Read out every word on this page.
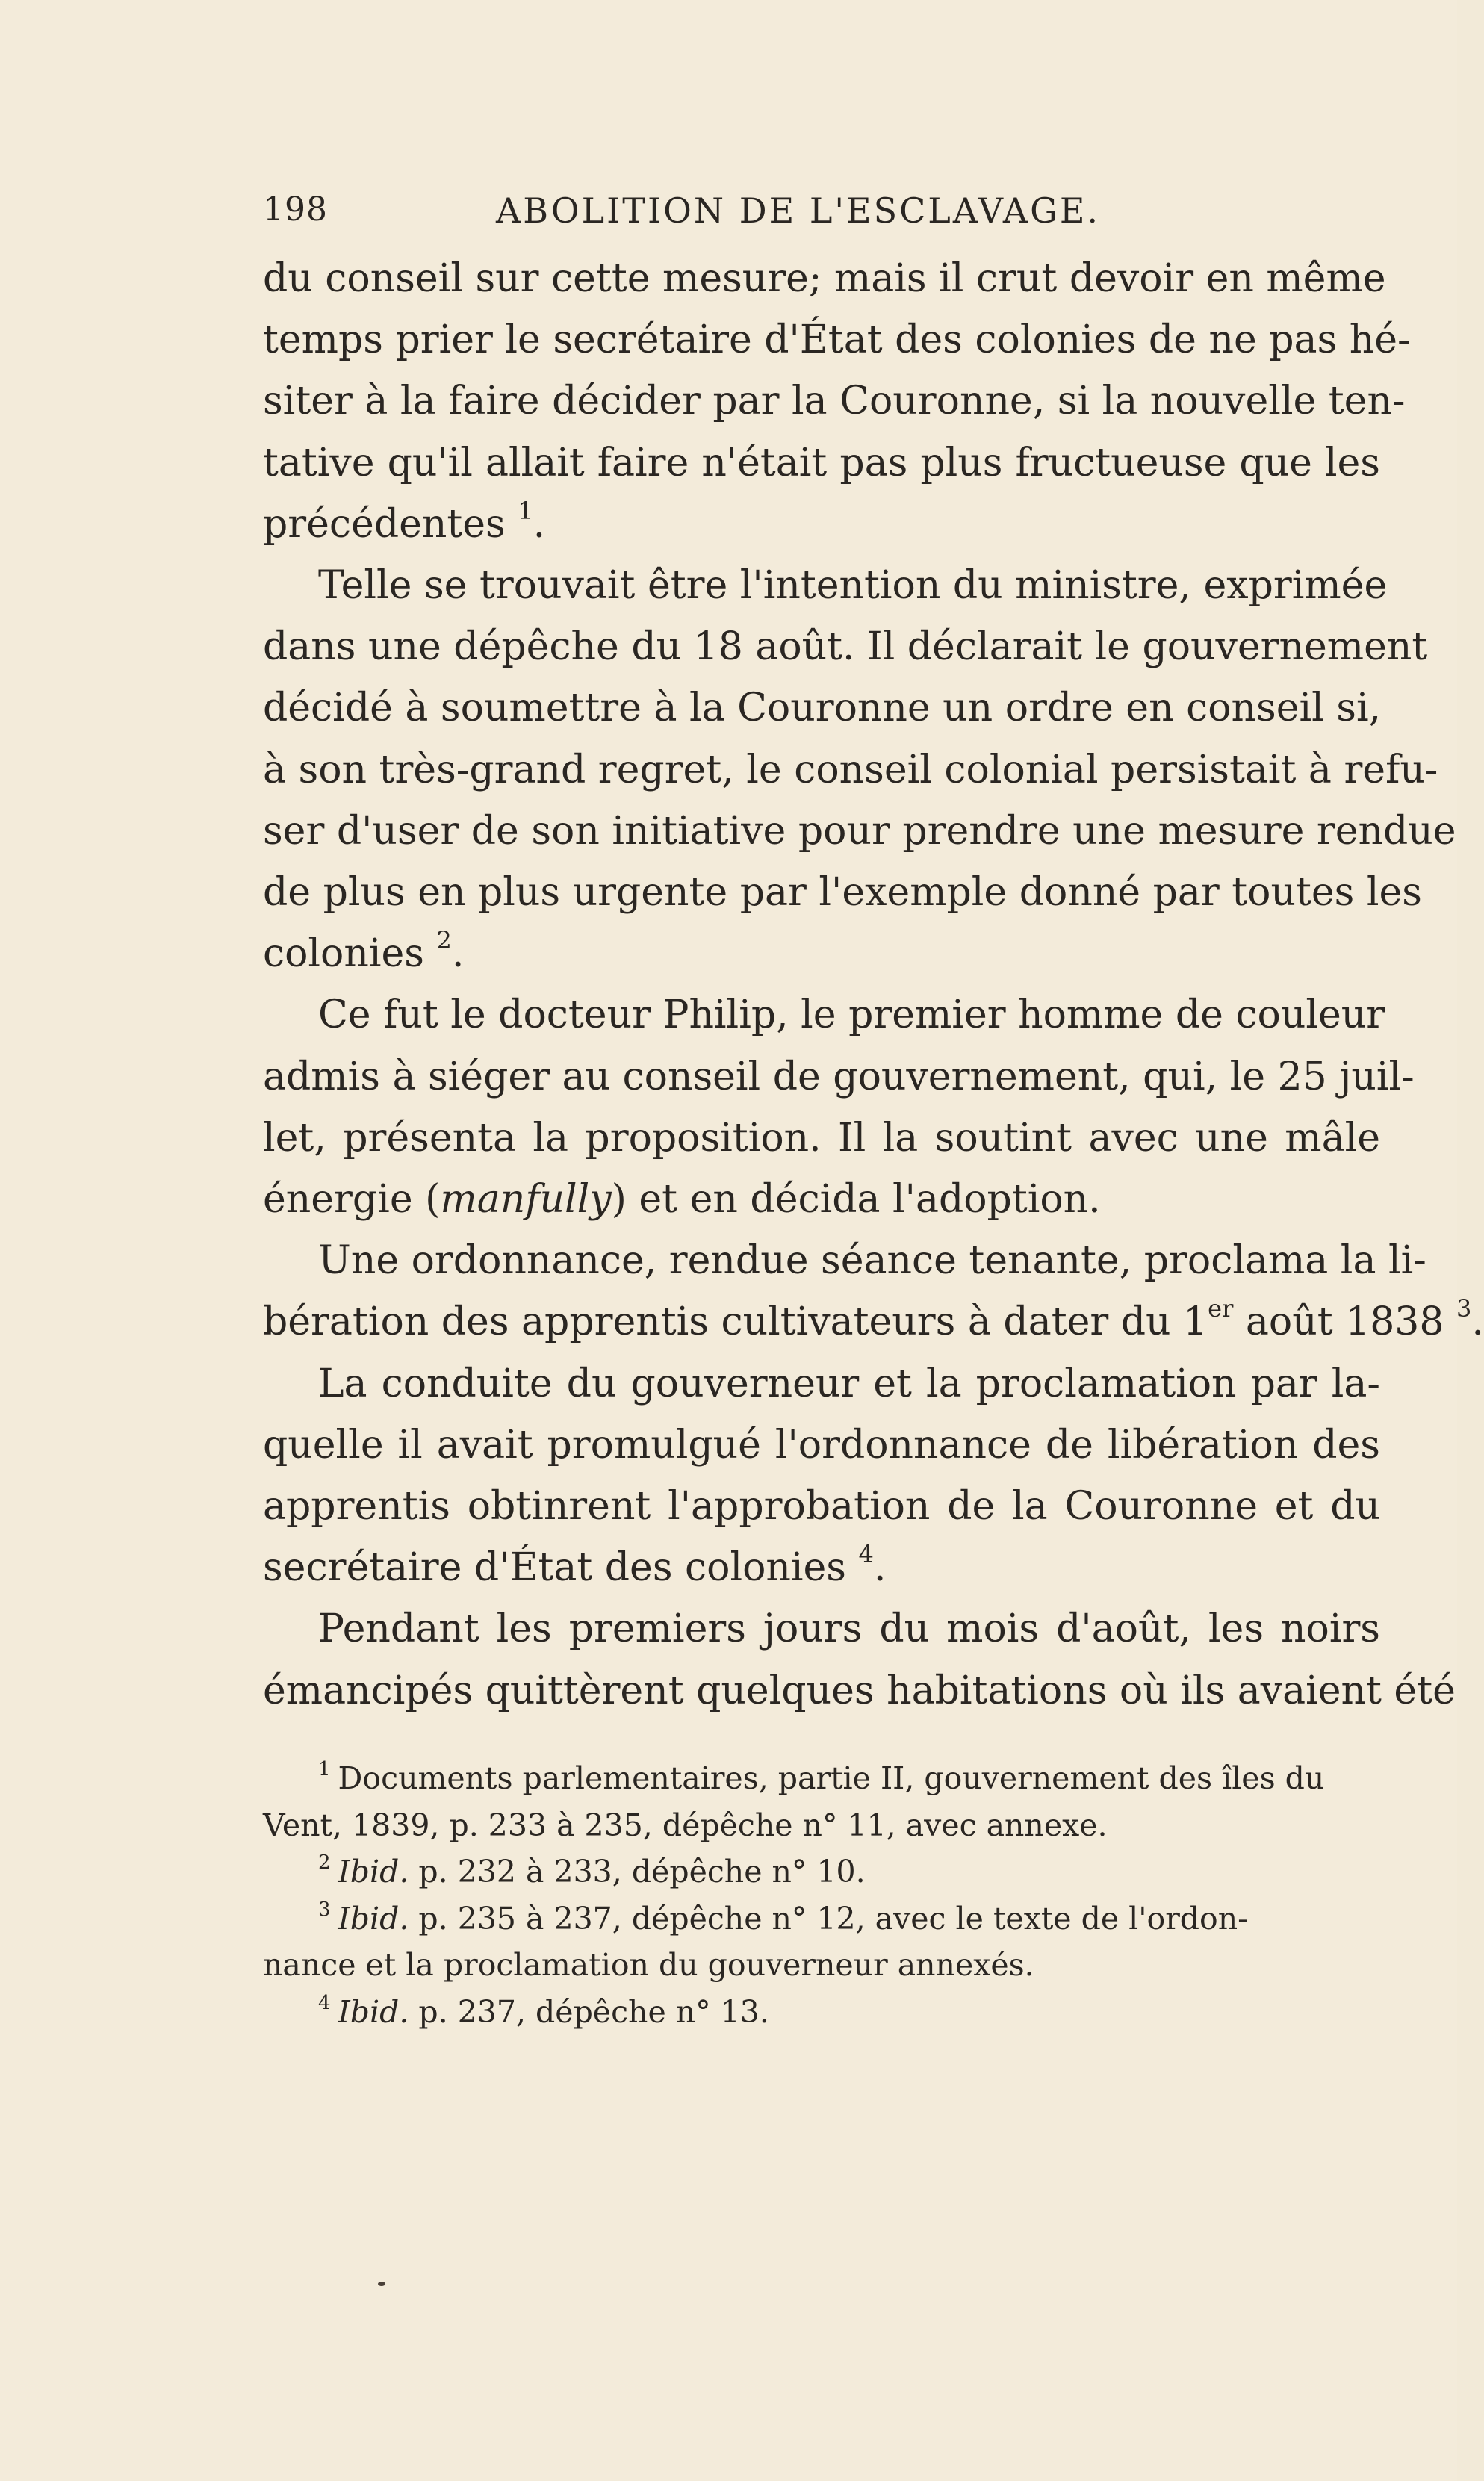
198	ABOLITION DE L'ESCLAVAGE.
du conseil sur cette mesure; mais il crut devoir en même
temps prier le secrétaire d'État des colonies de ne pas hé-
siter à la faire décider par la Couronne, si la nouvelle ten-
tative qu'il allait faire n'était pas plus fructueuse que les
précédentes $^1$.
Telle se trouvait être l'intention du ministre, exprimée
dans une dépêche du 18 août. Il déclarait le gouvernement
décidé à soumettre à la Couronne un ordre en conseil si,
à son très-grand regret, le conseil colonial persistait à refu-
ser d'user de son initiative pour prendre une mesure rendue
de plus en plus urgente par l'exemple donné par toutes les
colonies $^2$.
Ce fut le docteur Philip, le premier homme de couleur
admis à siéger au conseil de gouvernement, qui, le 25 juil-
let, présenta la proposition. Il la soutint avec une mâle
énergie (manfully) et en décida l'adoption.
Une ordonnance, rendue séance tenante, proclama la li-
bération des apprentis cultivateurs à dater du 1er août 1838 $^3$.
La conduite du gouverneur et la proclamation par la-
quelle il avait promulgué l'ordonnance de libération des
apprentis obtinrent l'approbation de la Couronne et du
secrétaire d'État des colonies $^4$.
Pendant les premiers jours du mois d'août, les noirs
émancipés quittèrent quelques habitations où ils avaient été
$^1$ Documents parlementaires, partie II, gouvernement des îles du
Vent, 1839, p. 233 à 235, dépêche n° 11, avec annexe.
$^2$ Ibid. p. 232 à 233, dépêche n° 10.
$^3$ Ibid. p. 235 à 237, dépêche n° 12, avec le texte de l'ordon-
nance et la proclamation du gouverneur annexés.
$^4$ Ibid. p. 237, dépêche n° 13.
